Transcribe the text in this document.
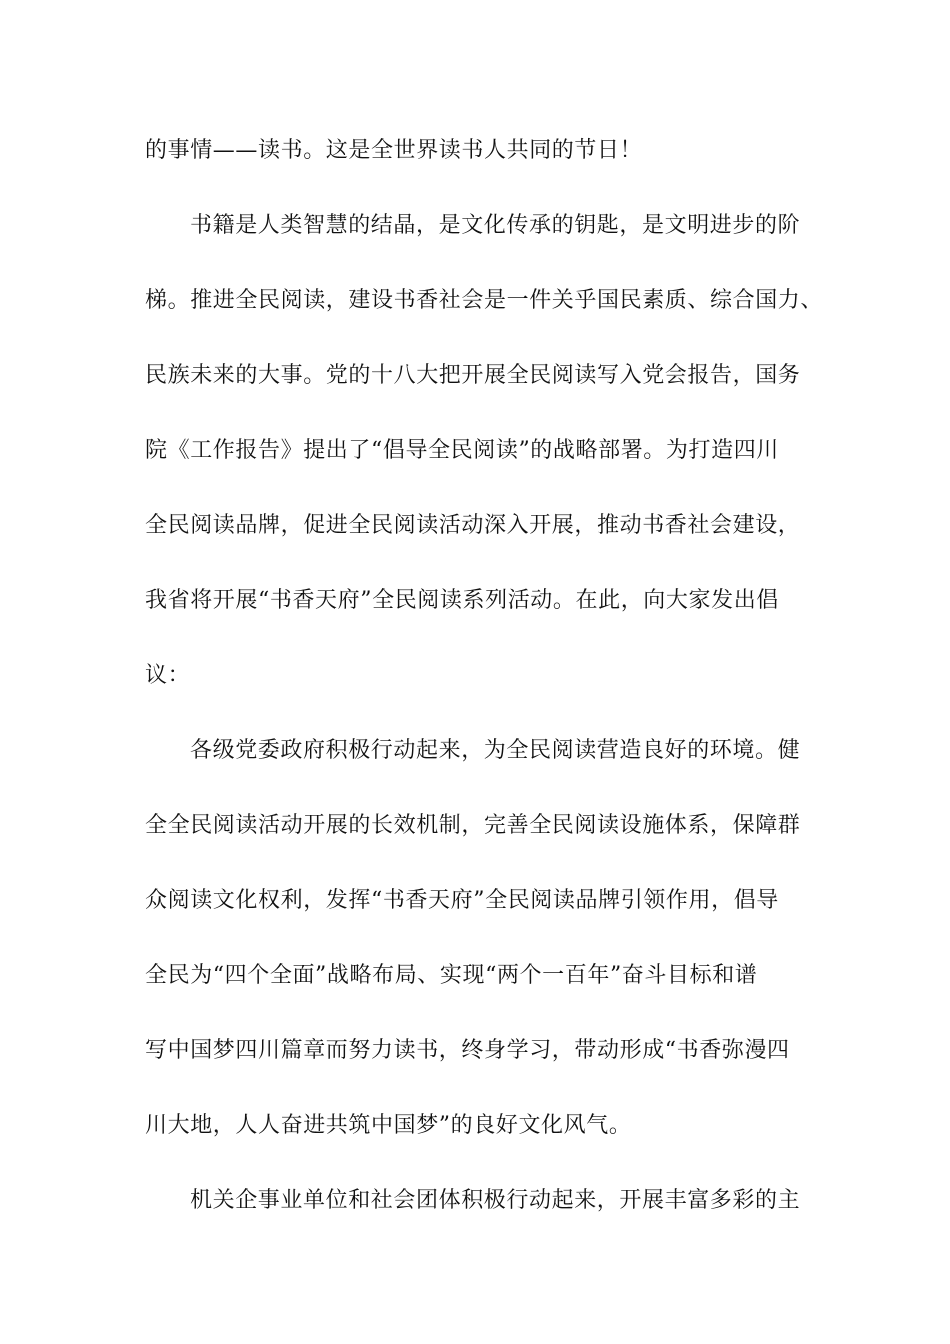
的事情——读书。这是全世界读书人共同的节日！
书籍是人类智慧的结晶，是文化传承的钥匙，是文明进步的阶
梯。推进全民阅读，建设书香社会是一件关乎国民素质、综合国力、
民族未来的大事。党的十八大把开展全民阅读写入党会报告，国务
院《工作报告》提出了“倡导全民阅读”的战略部署。为打造四川
全民阅读品牌，促进全民阅读活动深入开展，推动书香社会建设，
我省将开展“书香天府”全民阅读系列活动。在此，向大家发出倡
议：
各级党委政府积极行动起来，为全民阅读营造良好的环境。健
全全民阅读活动开展的长效机制，完善全民阅读设施体系，保障群
众阅读文化权利，发挥“书香天府”全民阅读品牌引领作用，倡导
全民为“四个全面”战略布局、实现“两个一百年”奋斗目标和谱
写中国梦四川篇章而努力读书，终身学习，带动形成“书香弥漫四
川大地，人人奋进共筑中国梦”的良好文化风气。
机关企事业单位和社会团体积极行动起来，开展丰富多彩的主
